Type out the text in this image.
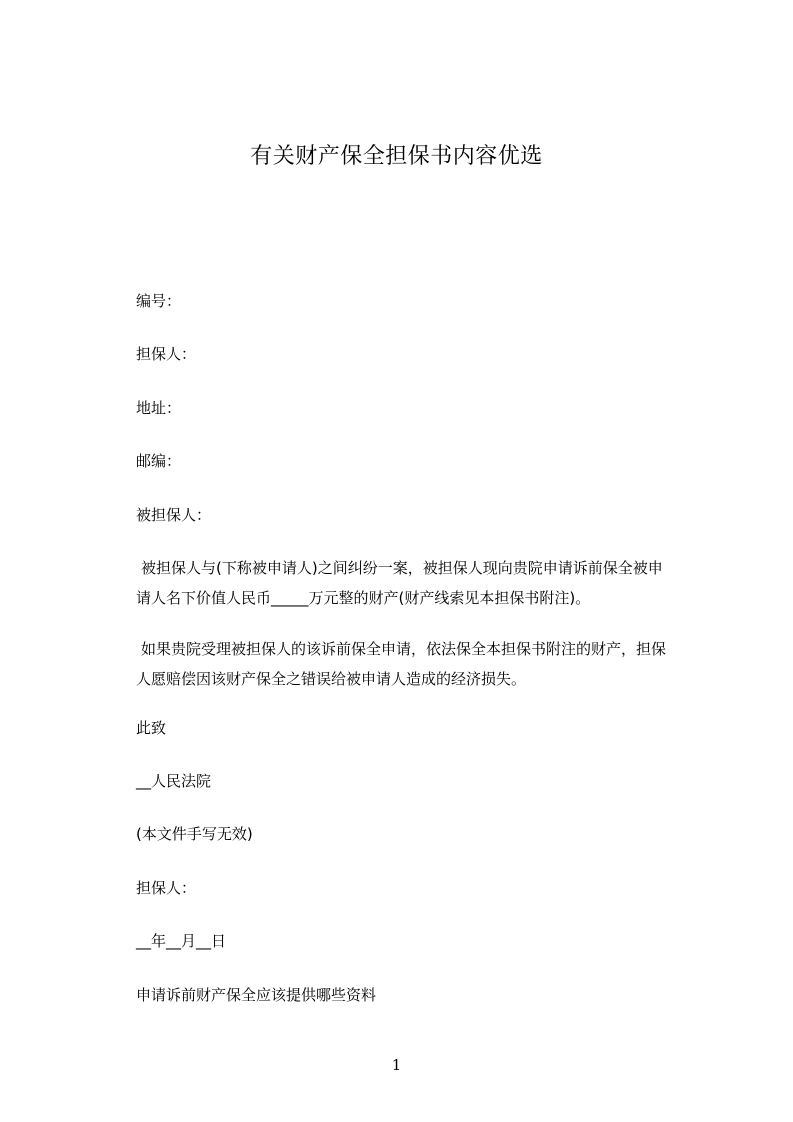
有关财产保全担保书内容优选
编号：
担保人：
地址：
邮编：
被担保人：
被担保人与(下称被申请人)之间纠纷一案，被担保人现向贵院申请诉前保全被申
请人名下价值人民币_____万元整的财产(财产线索见本担保书附注)。
如果贵院受理被担保人的该诉前保全申请，依法保全本担保书附注的财产，担保
人愿赔偿因该财产保全之错误给被申请人造成的经济损失。
此致
__人民法院
(本文件手写无效)
担保人：
__年__月__日
申请诉前财产保全应该提供哪些资料
1
